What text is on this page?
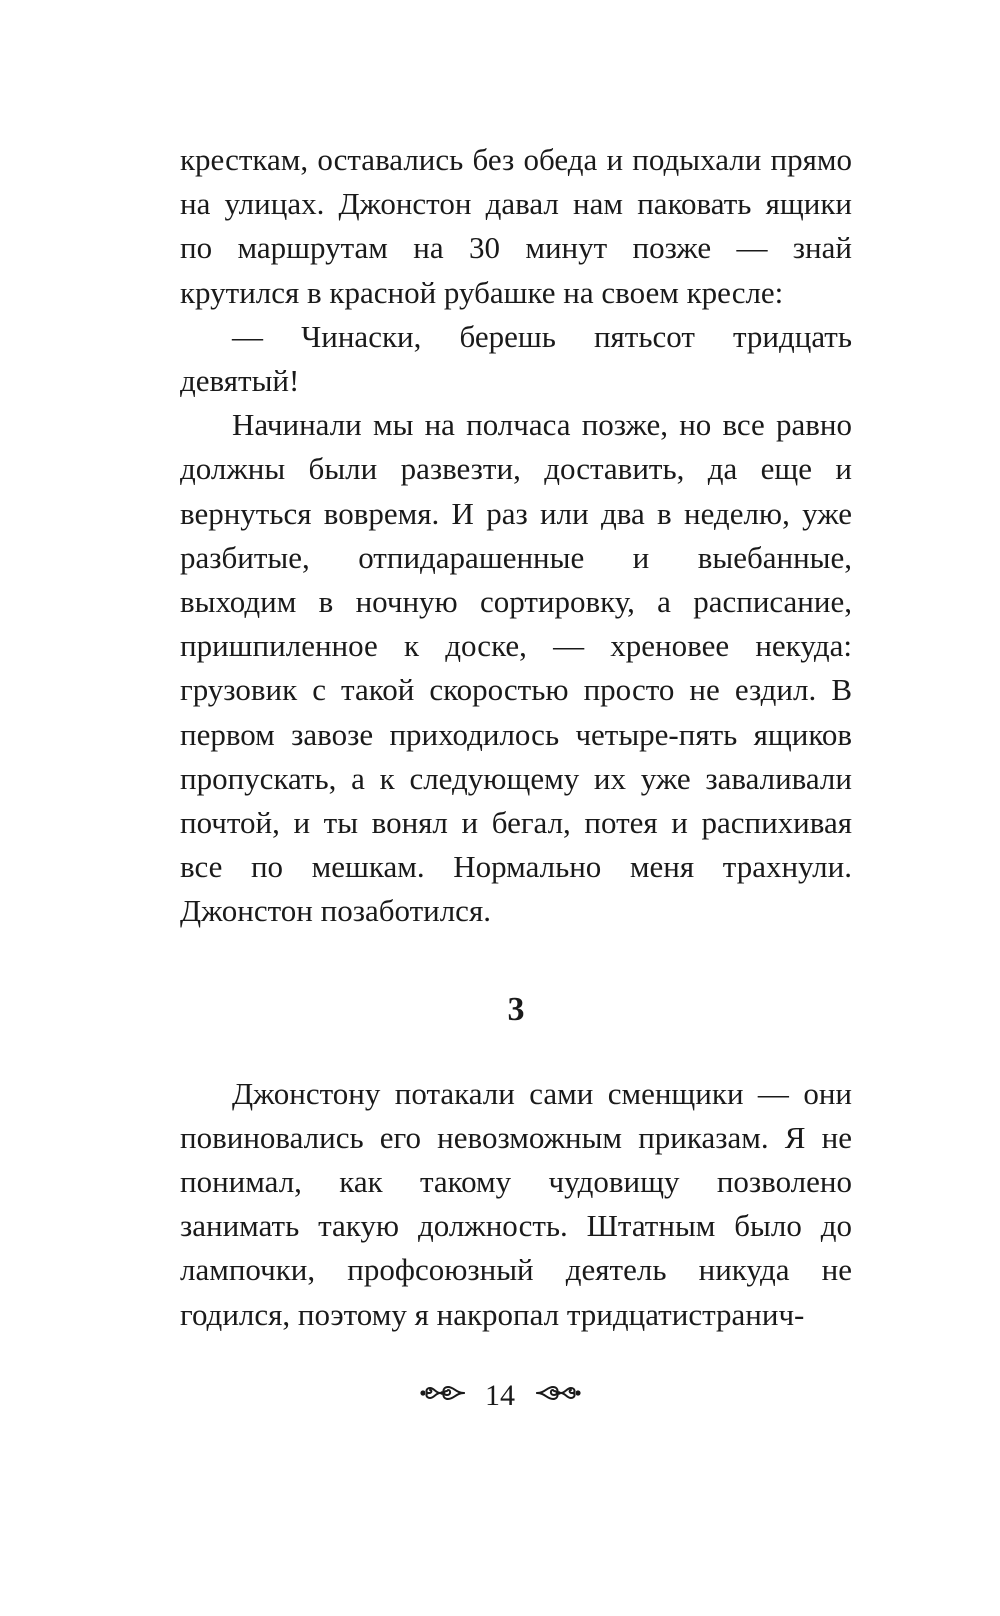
кресткам, оставались без обеда и подыхали прямо на улицах. Джонстон давал нам паковать ящики по маршрутам на 30 минут позже — знай крутился в красной рубашке на своем кресле:

— Чинаски, берешь пятьсот тридцать девятый!

Начинали мы на полчаса позже, но все равно должны были развезти, доставить, да еще и вернуться вовремя. И раз или два в неделю, уже разбитые, отпидарашенные и выебанные, выходим в ночную сортировку, а расписание, пришпиленное к доске, — хреновее некуда: грузовик с такой скоростью просто не ездил. В первом завозе приходилось четыре-пять ящиков пропускать, а к следующему их уже заваливали почтой, и ты вонял и бегал, потея и распихивая все по мешкам. Нормально меня трахнули. Джонстон позаботился.

3

Джонстону потакали сами сменщики — они повиновались его невозможным приказам. Я не понимал, как такому чудовищу позволено занимать такую должность. Штатным было до лампочки, профсоюзный деятель никуда не годился, поэтому я накропал тридцатистранич-

14
